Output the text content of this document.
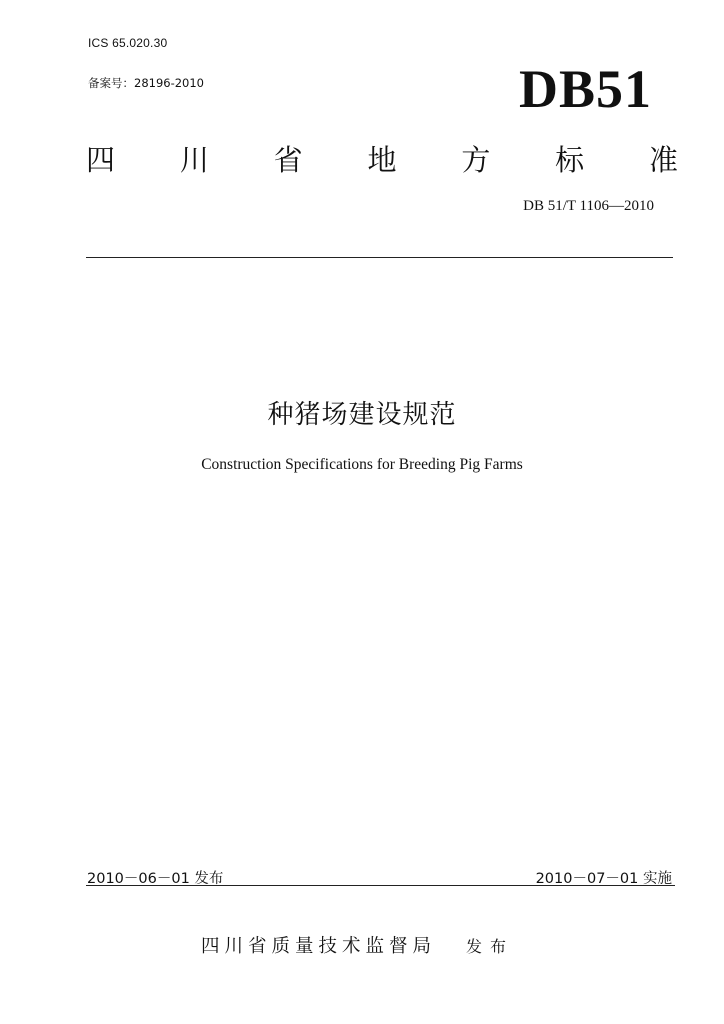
ICS 65.020.30
备案号：28196-2010	DB51
四 川 省 地 方 标 准
DB 51/T 1106—2010
种猪场建设规范
Construction Specifications for Breeding Pig Farms
2010－06－01 发布	2010－07－01 实施
四川省质量技术监督局 发布
